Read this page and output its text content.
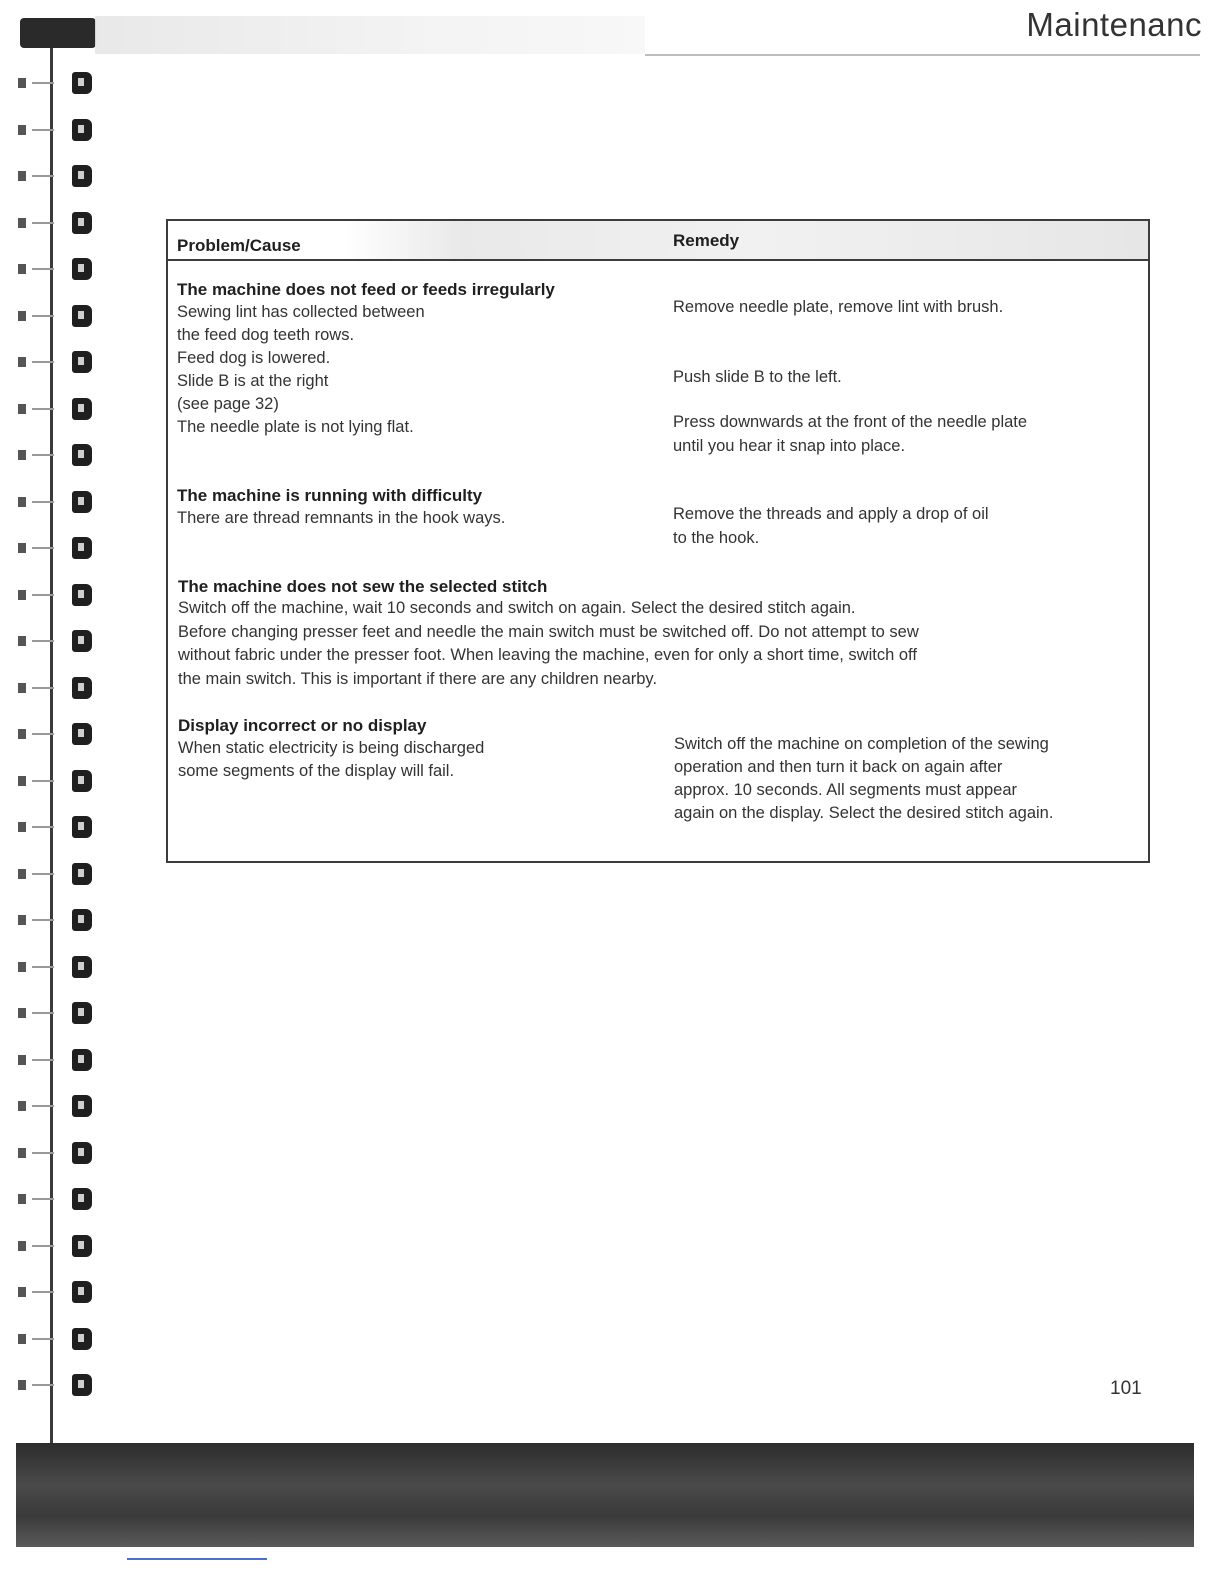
Maintenanc
Problem/Cause	Remedy
The machine does not feed or feeds irregularly
Sewing lint has collected between
the feed dog teeth rows.
Feed dog is lowered.
Slide B is at the right
(see page 32)
The needle plate is not lying flat.
Remove needle plate, remove lint with brush.
Push slide B to the left.
Press downwards at the front of the needle plate
until you hear it snap into place.
The machine is running with difficulty
There are thread remnants in the hook ways.	Remove the threads and apply a drop of oil
to the hook.
The machine does not sew the selected stitch
Switch off the machine, wait 10 seconds and switch on again. Select the desired stitch again.
Before changing presser feet and needle the main switch must be switched off. Do not attempt to sew
without fabric under the presser foot. When leaving the machine, even for only a short time, switch off
the main switch. This is important if there are any children nearby.
Display incorrect or no display
When static electricity is being discharged
some segments of the display will fail.
Switch off the machine on completion of the sewing
operation and then turn it back on again after
approx. 10 seconds. All segments must appear
again on the display. Select the desired stitch again.
101
